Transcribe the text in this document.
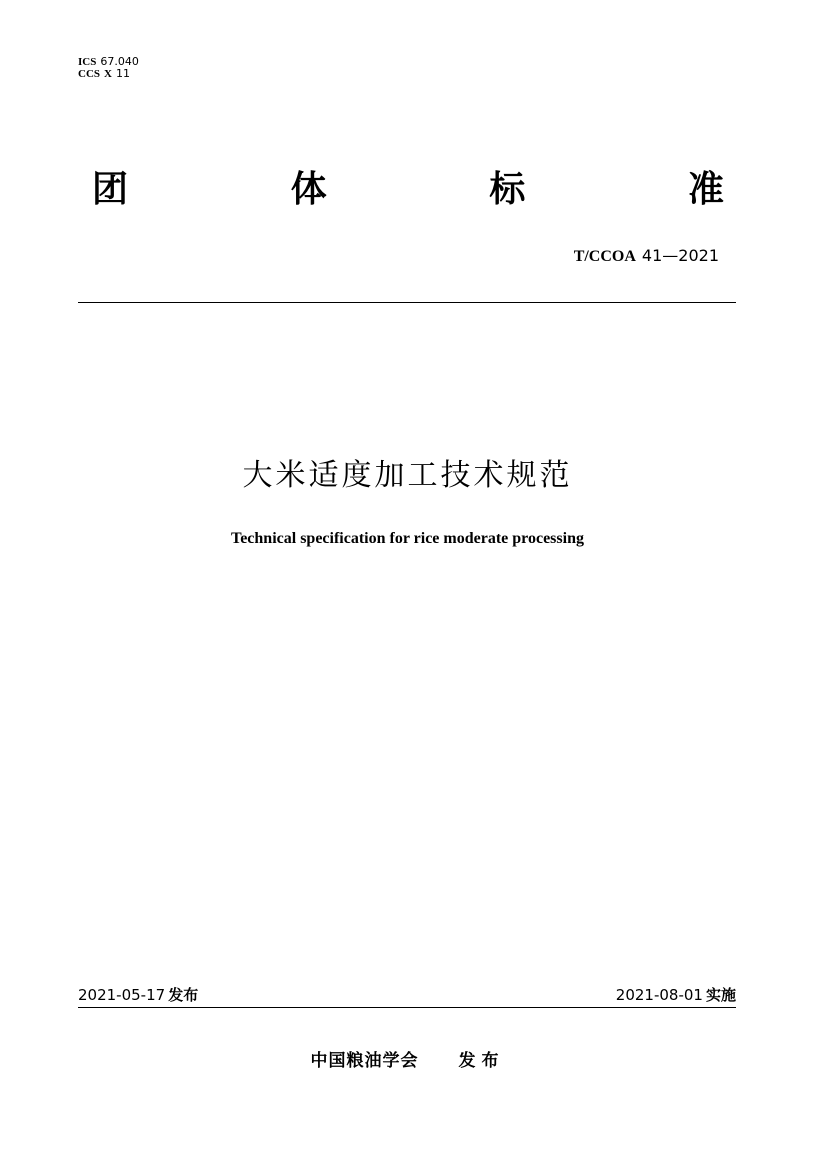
ICS 67.040
CCS X 11
团	体	标	准
T/CCOA 41—2021
大米适度加工技术规范
Technical specification for rice moderate processing
2021-05-17 发布	2021-08-01 实施
中国粮油学会 发布
